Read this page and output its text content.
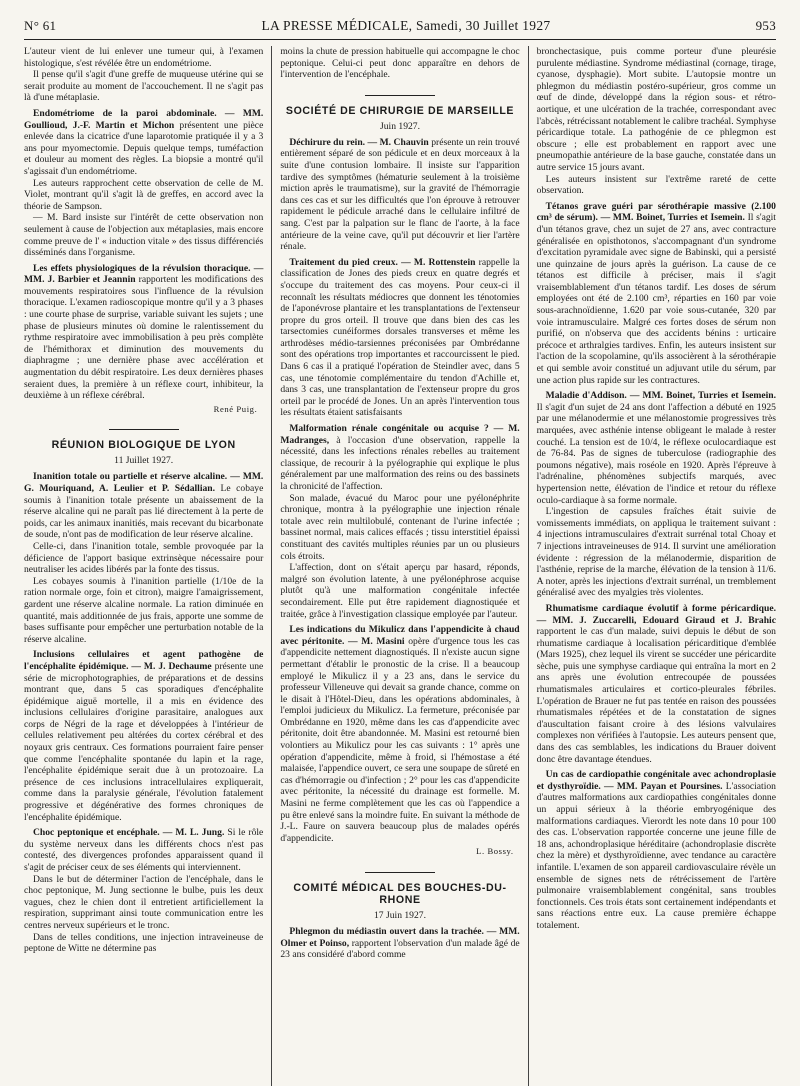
N° 61	LA PRESSE MÉDICALE, Samedi, 30 Juillet 1927	953

L'auteur vient de lui enlever une tumeur qui, à l'examen histologique, s'est révélée être un endométriome.

Il pense qu'il s'agit d'une greffe de muqueuse utérine qui se serait produite au moment de l'accouchement. Il ne s'agit pas là d'une métaplasie.

Endométriome de la paroi abdominale. — MM. Goullioud, J.-F. Martin et Michon présentent une pièce enlevée dans la cicatrice d'une laparotomie pratiquée il y a 3 ans pour myomectomie. Depuis quelque temps, tuméfaction et douleur au moment des règles. La biopsie a montré qu'il s'agissait d'un endométriome.

Les auteurs rapprochent cette observation de celle de M. Violet, montrant qu'il s'agit là de greffes, en accord avec la théorie de Sampson.

— M. Bard insiste sur l'intérêt de cette observation non seulement à cause de l'objection aux métaplasies, mais encore comme preuve de l' « induction vitale » des tissus différenciés disséminés dans l'organisme.

Les effets physiologiques de la révulsion thoracique. — MM. J. Barbier et Jeannin rapportent les modifications des mouvements respiratoires sous l'influence de la révulsion thoracique. L'examen radioscopique montre qu'il y a 3 phases : une courte phase de surprise, variable suivant les sujets ; une phase de plusieurs minutes où domine le ralentissement du rythme respiratoire avec immobilisation à peu près complète de l'hémithorax et diminution des mouvements du diaphragme ; une dernière phase avec accélération et augmentation du débit respiratoire. Les deux dernières phases seraient dues, la première à un réflexe court, inhibiteur, la deuxième à un réflexe cérébral.

René Puig.

RÉUNION BIOLOGIQUE DE LYON
11 Juillet 1927.

Inanition totale ou partielle et réserve alcaline. — MM. G. Mouriquand, A. Leulier et P. Sédallian. Le cobaye soumis à l'inanition totale présente un abaissement de la réserve alcaline qui ne paraît pas lié directement à la perte de poids, car les animaux inanitiés, mais recevant du bicarbonate de soude, n'ont pas de modification de leur réserve alcaline.

Celle-ci, dans l'inanition totale, semble provoquée par la déficience de l'apport basique extrinsèque nécessaire pour neutraliser les acides libérés par la fonte des tissus.

Les cobayes soumis à l'inanition partielle (1/10e de la ration normale orge, foin et citron), maigre l'amaigrissement, gardent une réserve alcaline normale. La ration diminuée en quantité, mais additionnée de jus frais, apporte une somme de bases suffisante pour empêcher une perturbation notable de la réserve alcaline.

Inclusions cellulaires et agent pathogène de l'encéphalite épidémique. — M. J. Dechaume présente une série de microphotographies, de préparations et de dessins montrant que, dans 5 cas sporadiques d'encéphalite épidémique aiguë mortelle, il a mis en évidence des inclusions cellulaires d'origine parasitaire, analogues aux corps de Négri de la rage et développées à l'intérieur de cellules relativement peu altérées du cortex cérébral et des noyaux gris centraux. Ces formations pourraient faire penser que comme l'encéphalite spontanée du lapin et la rage, l'encéphalite épidémique serait due à un protozoaire. La présence de ces inclusions intracellulaires expliquerait, comme dans la paralysie générale, l'évolution fatalement progressive et dégénérative des formes chroniques de l'encéphalite épidémique.

Choc peptonique et encéphale. — M. L. Jung. Si le rôle du système nerveux dans les différents chocs n'est pas contesté, des divergences profondes apparaissent quand il s'agit de préciser ceux de ses éléments qui interviennent.

Dans le but de déterminer l'action de l'encéphale, dans le choc peptonique, M. Jung sectionne le bulbe, puis les deux vagues, chez le chien dont il entretient artificiellement la respiration, supprimant ainsi toute communication entre les centres nerveux supérieurs et le tronc.

Dans de telles conditions, une injection intraveineuse de peptone de Witte ne détermine pas

moins la chute de pression habituelle qui accompagne le choc peptonique. Celui-ci peut donc apparaître en dehors de l'intervention de l'encéphale.

SOCIÉTÉ DE CHIRURGIE DE MARSEILLE
Juin 1927.

Déchirure du rein. — M. Chauvin présente un rein trouvé entièrement séparé de son pédicule et en deux morceaux à la suite d'une contusion lombaire. Il insiste sur l'apparition tardive des symptômes (hématurie seulement à la troisième miction après le traumatisme), sur la gravité de l'hémorragie dans ces cas et sur les difficultés que l'on éprouve à retrouver rapidement le pédicule arraché dans le cellulaire infiltré de sang. C'est par la palpation sur le flanc de l'aorte, à la face antérieure de la veine cave, qu'il put découvrir et lier l'artère rénale.

Traitement du pied creux. — M. Rottenstein rappelle la classification de Jones des pieds creux en quatre degrés et s'occupe du traitement des cas moyens. Pour ceux-ci il reconnaît les résultats médiocres que donnent les ténotomies de l'aponévrose plantaire et les transplantations de l'extenseur propre du gros orteil. Il trouve que dans bien des cas les tarsectomies cunéiformes dorsales transverses et même les arthrodèses médio-tarsiennes préconisées par Ombrédanne sont des opérations trop importantes et raccourcissent le pied. Dans 6 cas il a pratiqué l'opération de Steindler avec, dans 5 cas, une ténotomie complémentaire du tendon d'Achille et, dans 3 cas, une transplantation de l'extenseur propre du gros orteil par le procédé de Jones. Un an après l'intervention tous les résultats étaient satisfaisants

Malformation rénale congénitale ou acquise ? — M. Madranges, à l'occasion d'une observation, rappelle la nécessité, dans les infections rénales rebelles au traitement classique, de recourir à la pyélographie qui explique le plus généralement par une malformation des reins ou des bassinets la chronicité de l'affection.

Son malade, évacué du Maroc pour une pyélonéphrite chronique, montra à la pyélographie une injection rénale totale avec rein multilobulé, contenant de l'urine infectée ; bassinet normal, mais calices effacés ; tissu interstitiel épaissi constituant des cavités multiples réunies par un ou plusieurs cols étroits.

L'affection, dont on s'était aperçu par hasard, réponds, malgré son évolution latente, à une pyélonéphrose acquise plutôt qu'à une malformation congénitale infectée secondairement. Elle put être rapidement diagnostiquée et traitée, grâce à l'investigation classique employée par l'auteur.

Les indications du Mikulicz dans l'appendicite à chaud avec péritonite. — M. Masini opère d'urgence tous les cas d'appendicite nettement diagnostiqués. Il n'existe aucun signe permettant d'établir le pronostic de la crise. Il a beaucoup employé le Mikulicz il y a 23 ans, dans le service du professeur Villeneuve qui devait sa grande chance, comme on le disait à l'Hôtel-Dieu, dans les opérations abdominales, à l'emploi judicieux du Mikulicz. La fermeture, préconisée par Ombrédanne en 1920, même dans les cas d'appendicite avec péritonite, doit être abandonnée. M. Masini est retourné bien volontiers au Mikulicz pour les cas suivants : 1° après une opération d'appendicite, même à froid, si l'hémostase a été malaisée, l'appendice ouvert, ce sera une soupape de sûreté en cas d'hémorragie ou d'infection ; 2° pour les cas d'appendicite avec péritonite, la nécessité du drainage est formelle. M. Masini ne ferme complètement que les cas où l'appendice a pu être enlevé sans la moindre fuite. En suivant la méthode de J.-L. Faure on sauvera beaucoup plus de malades opérés d'appendicite.

L. Bossy.

COMITÉ MÉDICAL DES BOUCHES-DU-RHONE
17 Juin 1927.

Phlegmon du médiastin ouvert dans la trachée. — MM. Olmer et Poinso, rapportent l'observation d'un malade âgé de 23 ans considéré d'abord comme

bronchectasique, puis comme porteur d'une pleurésie purulente médiastine. Syndrome médiastinal (cornage, tirage, cyanose, dysphagie). Mort subite. L'autopsie montre un phlegmon du médiastin postéro-supérieur, gros comme un œuf de dinde, développé dans la région sous- et rétro-aortique, et une ulcération de la trachée, correspondant avec l'abcès, rétrécissant notablement le calibre trachéal. Symphyse péricardique totale. La pathogénie de ce phlegmon est obscure ; elle est probablement en rapport avec une pneumopathie antérieure de la base gauche, constatée dans un autre service 15 jours avant.

Les auteurs insistent sur l'extrême rareté de cette observation.

Tétanos grave guéri par sérothérapie massive (2.100 cm³ de sérum). — MM. Boinet, Turries et Isemein. Il s'agit d'un tétanos grave, chez un sujet de 27 ans, avec contracture généralisée en opisthotonos, s'accompagnant d'un syndrome d'excitation pyramidale avec signe de Babinski, qui a persisté une quinzaine de jours après la guérison. La cause de ce tétanos est difficile à préciser, mais il s'agit vraisemblablement d'un tétanos tardif. Les doses de sérum employées ont été de 2.100 cm³, réparties en 160 par voie sous-arachnoïdienne, 1.620 par voie sous-cutanée, 320 par voie intramusculaire. Malgré ces fortes doses de sérum non purifié, on n'observa que des accidents bénins : urticaire précoce et arthralgies tardives. Enfin, les auteurs insistent sur l'action de la scopolamine, qu'ils associèrent à la sérothérapie et qui semble avoir constitué un adjuvant utile du sérum, par une action plus rapide sur les contractures.

Maladie d'Addison. — MM. Boinet, Turries et Isemein. Il s'agit d'un sujet de 24 ans dont l'affection a débuté en 1925 par une mélanodermie et une mélanostomie progressives très marquées, avec asthénie intense obligeant le malade à rester couché. La tension est de 10/4, le réflexe oculocardiaque est de 76-84. Pas de signes de tuberculose (radiographie des poumons négative), mais roséole en 1920. Après l'épreuve à l'adrénaline, phénomènes subjectifs marqués, avec hypertension nette, élévation de l'indice et retour du réflexe oculo-cardiaque à sa forme normale.

L'ingestion de capsules fraîches était suivie de vomissements immédiats, on appliqua le traitement suivant : 4 injections intramusculaires d'extrait surrénal total Choay et 7 injections intraveineuses de 914. Il survint une amélioration évidente : régression de la mélanodermie, disparition de l'asthénie, reprise de la marche, élévation de la tension à 11/6. A noter, après les injections d'extrait surrénal, un tremblement généralisé avec des myalgies très violentes.

Rhumatisme cardiaque évolutif à forme péricardique. — MM. J. Zuccarelli, Edouard Giraud et J. Brahic rapportent le cas d'un malade, suivi depuis le début de son rhumatisme cardiaque à localisation péricarditique d'emblée (Mars 1925), chez lequel ils virent se succéder une péricardite sèche, puis une symphyse cardiaque qui entraîna la mort en 2 ans après une évolution entrecoupée de poussées rhumatismales articulaires et cortico-pleurales fébriles. L'opération de Brauer ne fut pas tentée en raison des poussées rhumatismales répétées et de la constatation de signes d'auscultation faisant croire à des lésions valvulaires complexes non vérifiées à l'autopsie. Les auteurs pensent que, dans des cas semblables, les indications du Brauer doivent donc être davantage étendues.

Un cas de cardiopathie congénitale avec achondroplasie et dysthyroïdie. — MM. Payan et Poursines. L'association d'autres malformations aux cardiopathies congénitales donne un appui sérieux à la théorie embryogénique des malformations cardiaques. Vierordt les note dans 10 pour 100 des cas. L'observation rapportée concerne une jeune fille de 18 ans, achondroplasique héréditaire (achondroplasie discrète chez la mère) et dysthyroïdienne, avec tendance au caractère infantile. L'examen de son appareil cardiovasculaire révèle un ensemble de signes nets de rétrécissement de l'artère pulmonaire vraisemblablement congénital, sans troubles fonctionnels. Ces trois états sont certainement indépendants et sans réactions entre eux. La cause première échappe totalement.
